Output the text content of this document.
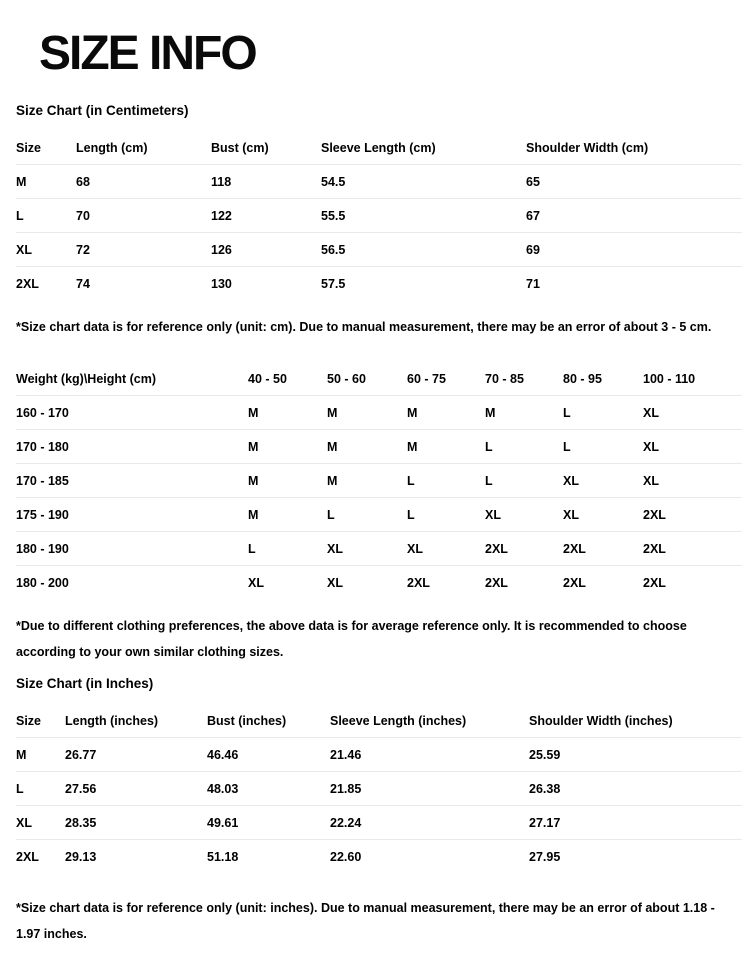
SIZE INFO
Size Chart (in Centimeters)
Size	Length (cm)	Bust (cm)	Sleeve Length (cm)	Shoulder Width (cm)
M	68	118	54.5	65
L	70	122	55.5	67
XL	72	126	56.5	69
2XL	74	130	57.5	71

*Size chart data is for reference only (unit: cm). Due to manual measurement, there may be an error of about 3 - 5 cm.

Weight (kg)\Height (cm)	40 - 50	50 - 60	60 - 75	70 - 85	80 - 95	100 - 110
160 - 170	M	M	M	M	L	XL
170 - 180	M	M	M	L	L	XL
170 - 185	M	M	L	L	XL	XL
175 - 190	M	L	L	XL	XL	2XL
180 - 190	L	XL	XL	2XL	2XL	2XL
180 - 200	XL	XL	2XL	2XL	2XL	2XL

*Due to different clothing preferences, the above data is for average reference only. It is recommended to choose according to your own similar clothing sizes.

Size Chart (in Inches)
Size	Length (inches)	Bust (inches)	Sleeve Length (inches)	Shoulder Width (inches)
M	26.77	46.46	21.46	25.59
L	27.56	48.03	21.85	26.38
XL	28.35	49.61	22.24	27.17
2XL	29.13	51.18	22.60	27.95

*Size chart data is for reference only (unit: inches). Due to manual measurement, there may be an error of about 1.18 - 1.97 inches.
